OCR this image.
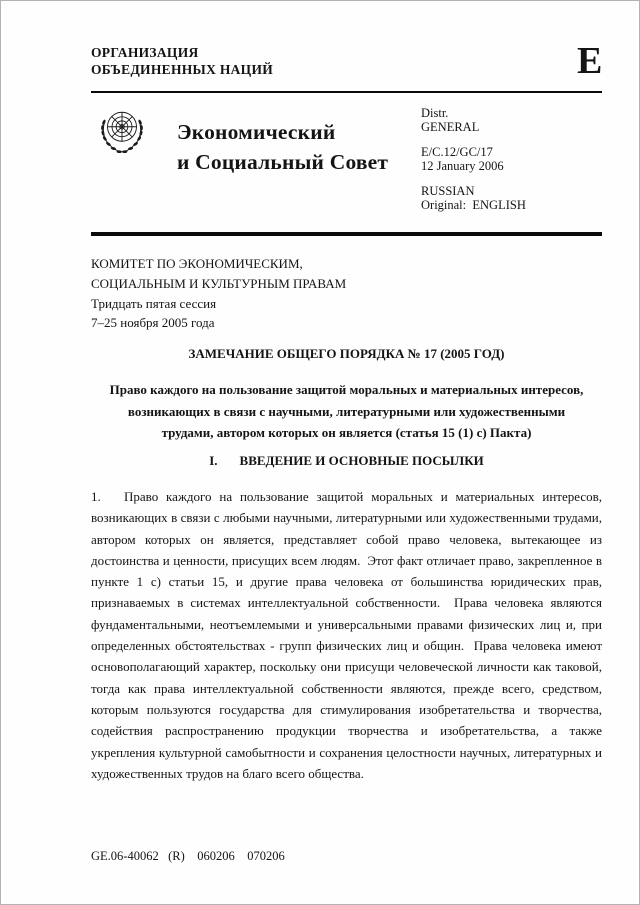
ОРГАНИЗАЦИЯ
ОБЪЕДИНЕННЫХ НАЦИЙ	E
Экономический
и Социальный Совет
Distr.
GENERAL
E/C.12/GC/17
12 January 2006
RUSSIAN
Original:  ENGLISH
КОМИТЕТ ПО ЭКОНОМИЧЕСКИМ,
СОЦИАЛЬНЫМ И КУЛЬТУРНЫМ ПРАВАМ
Тридцать пятая сессия
7–25 ноября 2005 года
ЗАМЕЧАНИЕ ОБЩЕГО ПОРЯДКА № 17 (2005 ГОД)
Право каждого на пользование защитой моральных и материальных интересов, возникающих в связи с научными, литературными или художественными трудами, автором которых он является (статья 15 (1) с) Пакта)
I. ВВЕДЕНИЕ И ОСНОВНЫЕ ПОСЫЛКИ
1. Право каждого на пользование защитой моральных и материальных интересов, возникающих в связи с любыми научными, литературными или художественными трудами, автором которых он является, представляет собой право человека, вытекающее из достоинства и ценности, присущих всем людям.  Этот факт отличает право, закрепленное в пункте 1 с) статьи 15, и другие права человека от большинства юридических прав, признаваемых в системах интеллектуальной собственности.  Права человека являются фундаментальными, неотъемлемыми и универсальными правами физических лиц и, при определенных обстоятельствах - групп физических лиц и общин.  Права человека имеют основополагающий характер, поскольку они присущи человеческой личности как таковой, тогда как права интеллектуальной собственности являются, прежде всего, средством, которым пользуются государства для стимулирования изобретательства и творчества, содействия распространению продукции творчества и изобретательства, а также укрепления культурной самобытности и сохранения целостности научных, литературных и художественных трудов на благо всего общества.
GE.06-40062   (R)    060206    070206
